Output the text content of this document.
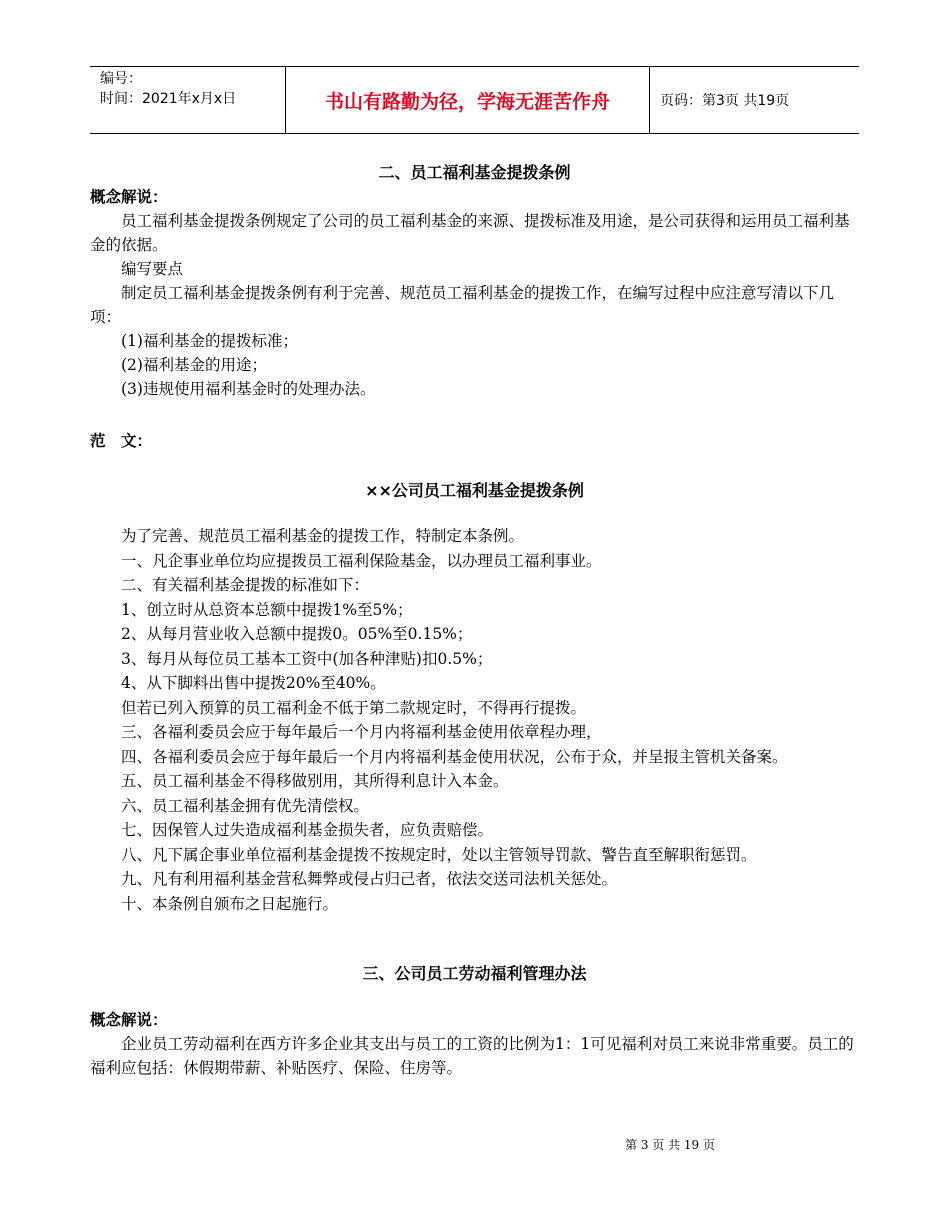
编号：
时间：2021年x月x日	书山有路勤为径，学海无涯苦作舟	页码：第3页 共19页
二、员工福利基金提拨条例
概念解说：
员工福利基金提拨条例规定了公司的员工福利基金的来源、提拨标准及用途，是公司获得和运用员工福利基金的依据。
编写要点
制定员工福利基金提拨条例有利于完善、规范员工福利基金的提拨工作，在编写过程中应注意写清以下几项：
(1)福利基金的提拨标准；
(2)福利基金的用途；
(3)违规使用福利基金时的处理办法。
范　文：
××公司员工福利基金提拨条例
为了完善、规范员工福利基金的提拨工作，特制定本条例。
一、凡企事业单位均应提拨员工福利保险基金，以办理员工福利事业。
二、有关福利基金提拨的标准如下：
1、创立时从总资本总额中提拨1%至5%；
2、从每月营业收入总额中提拨0。05%至0.15%；
3、每月从每位员工基本工资中(加各种津贴)扣0.5%；
4、从下脚料出售中提拨20%至40%。
但若已列入预算的员工福利金不低于第二款规定时，不得再行提拨。
三、各福利委员会应于每年最后一个月内将福利基金使用依章程办理，
四、各福利委员会应于每年最后一个月内将福利基金使用状况，公布于众，并呈报主管机关备案。
五、员工福利基金不得移做别用，其所得利息计入本金。
六、员工福利基金拥有优先清偿权。
七、因保管人过失造成福利基金损失者，应负责赔偿。
八、凡下属企事业单位福利基金提拨不按规定时，处以主管领导罚款、警告直至解职衔惩罚。
九、凡有利用福利基金营私舞弊或侵占归己者，依法交送司法机关惩处。
十、本条例自颁布之日起施行。
三、公司员工劳动福利管理办法
概念解说：
企业员工劳动福利在西方许多企业其支出与员工的工资的比例为1：1可见福利对员工来说非常重要。员工的福利应包括：休假期带薪、补贴医疗、保险、住房等。
第 3 页 共 19 页
